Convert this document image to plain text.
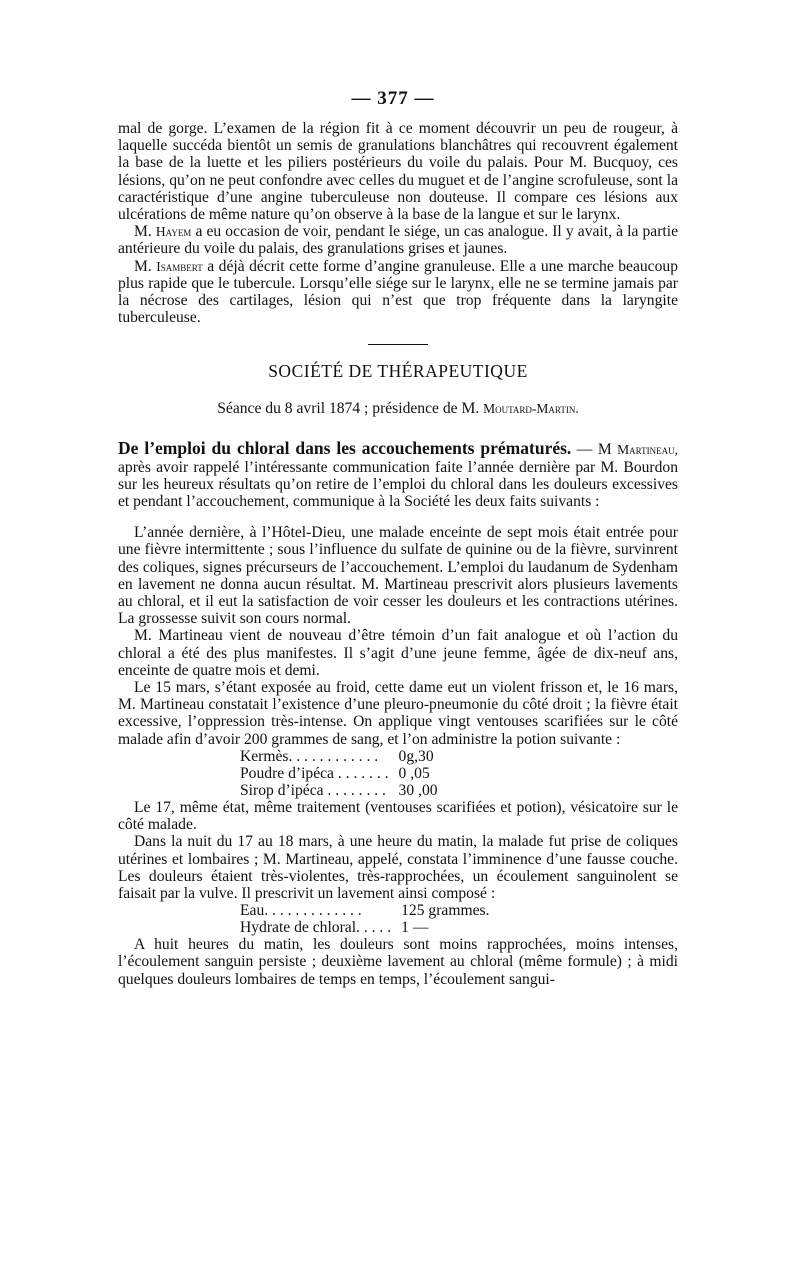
— 377 —

mal de gorge. L’examen de la région fit à ce moment découvrir un peu de rougeur, à laquelle succéda bientôt un semis de granulations blanchâtres qui recouvrent également la base de la luette et les piliers postérieurs du voile du palais. Pour M. Bucquoy, ces lésions, qu’on ne peut confondre avec celles du muguet et de l’angine scrofuleuse, sont la caractéristique d’une angine tuberculeuse non douteuse. Il compare ces lésions aux ulcérations de même nature qu’on observe à la base de la langue et sur le larynx.

M. Hayem a eu occasion de voir, pendant le siége, un cas analogue. Il y avait, à la partie antérieure du voile du palais, des granulations grises et jaunes.

M. Isambert a déjà décrit cette forme d’angine granuleuse. Elle a une marche beaucoup plus rapide que le tubercule. Lorsqu’elle siége sur le larynx, elle ne se termine jamais par la nécrose des cartilages, lésion qui n’est que trop fréquente dans la laryngite tuberculeuse.

SOCIÉTÉ DE THÉRAPEUTIQUE
Séance du 8 avril 1874 ; présidence de M. Moutard-Martin.

De l’emploi du chloral dans les accouchements prématurés. — M Martineau, après avoir rappelé l’intéressante communication faite l’année dernière par M. Bourdon sur les heureux résultats qu’on retire de l’emploi du chloral dans les douleurs excessives et pendant l’accouchement, communique à la Société les deux faits suivants :

L’année dernière, à l’Hôtel-Dieu, une malade enceinte de sept mois était entrée pour une fièvre intermittente ; sous l’influence du sulfate de quinine ou de la fièvre, survinrent des coliques, signes précurseurs de l’accouchement. L’emploi du laudanum de Sydenham en lavement ne donna aucun résultat. M. Martineau prescrivit alors plusieurs lavements au chloral, et il eut la satisfaction de voir cesser les douleurs et les contractions utérines. La grossesse suivit son cours normal.

M. Martineau vient de nouveau d’être témoin d’un fait analogue et où l’action du chloral a été des plus manifestes. Il s’agit d’une jeune femme, âgée de dix-neuf ans, enceinte de quatre mois et demi.

Le 15 mars, s’étant exposée au froid, cette dame eut un violent frisson et, le 16 mars, M. Martineau constatait l’existence d’une pleuro-pneumonie du côté droit ; la fièvre était excessive, l’oppression très-intense. On applique vingt ventouses scarifiées sur le côté malade afin d’avoir 200 grammes de sang, et l’on administre la potion suivante :

Kermès. . . . . . . . . . . .	0g,30
Poudre d’ipéca . . . . . . .	0 ,05
Sirop d’ipéca . . . . . . . .	30 ,00

Le 17, même état, même traitement (ventouses scarifiées et potion), vésicatoire sur le côté malade.

Dans la nuit du 17 au 18 mars, à une heure du matin, la malade fut prise de coliques utérines et lombaires ; M. Martineau, appelé, constata l’imminence d’une fausse couche. Les douleurs étaient très-violentes, très-rapprochées, un écoulement sanguinolent se faisait par la vulve. Il prescrivit un lavement ainsi composé :

Eau. . . . . . . . . . . . .	125 grammes.
Hydrate de chloral. . . . .	1 —

A huit heures du matin, les douleurs sont moins rapprochées, moins intenses, l’écoulement sanguin persiste ; deuxième lavement au chloral (même formule) ; à midi quelques douleurs lombaires de temps en temps, l’écoulement sangui-
